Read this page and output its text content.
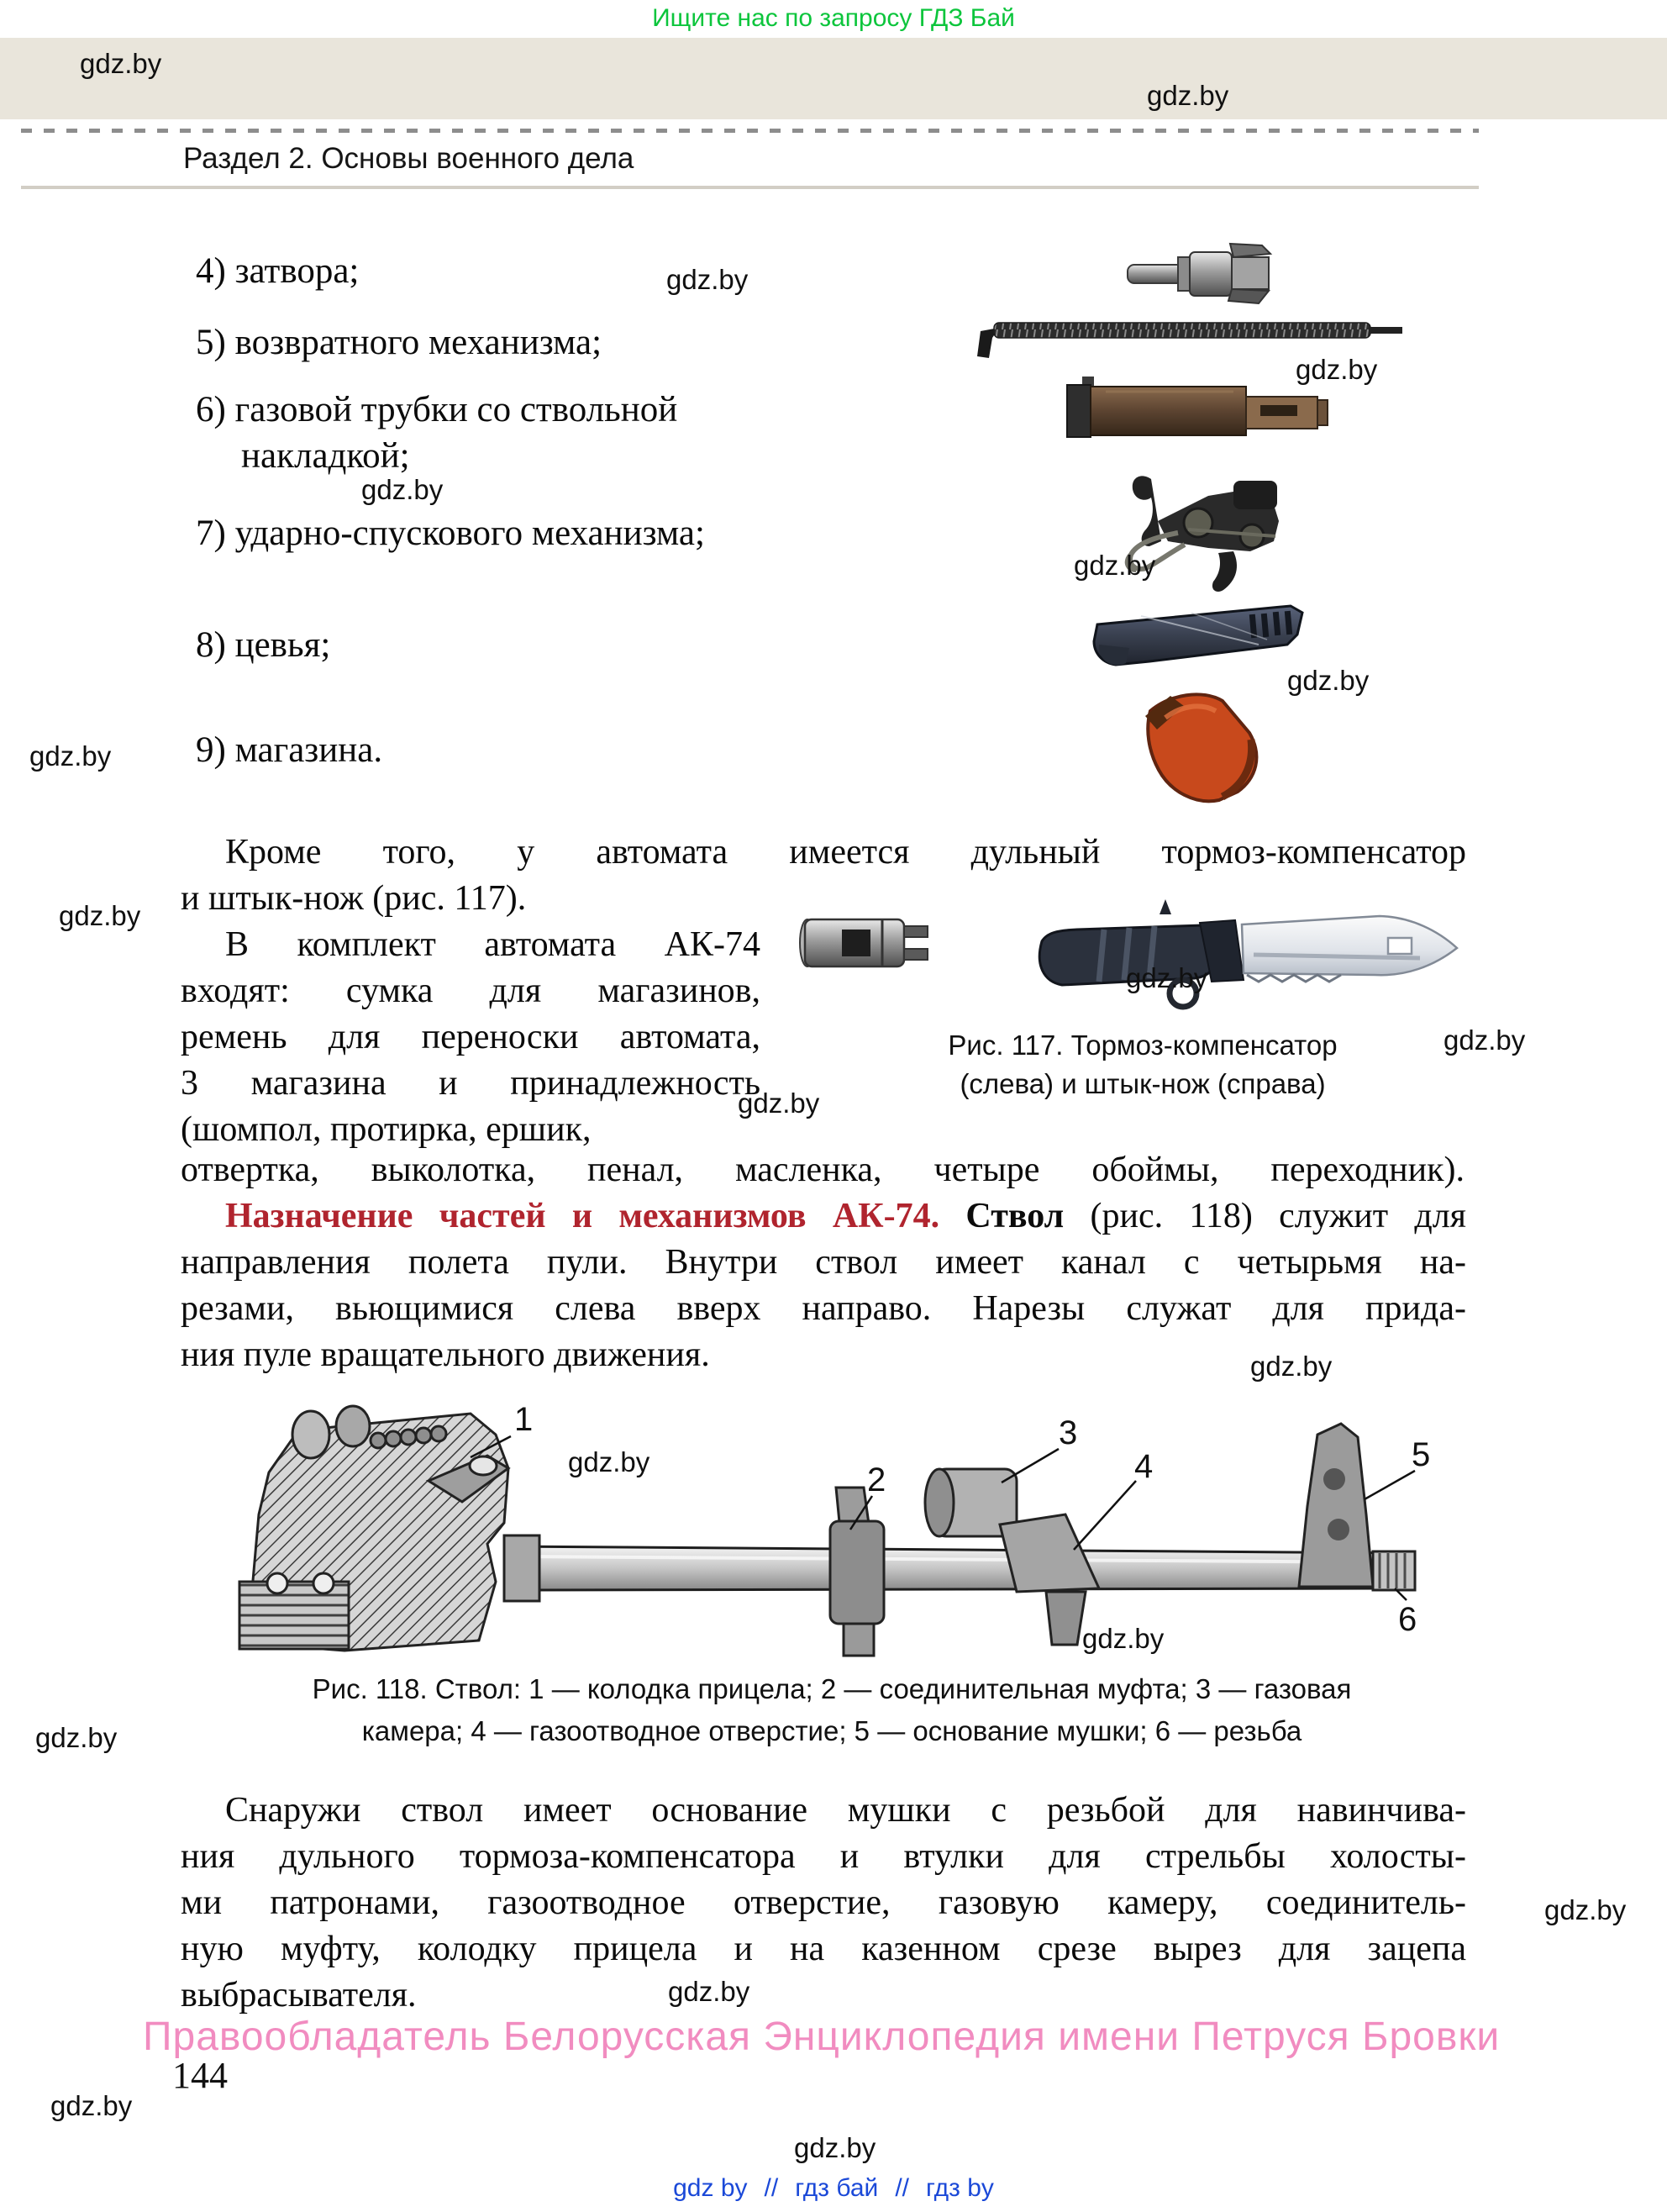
Ищите нас по запросу ГДЗ Бай
gdz.by
gdz.by
Раздел 2. Основы военного дела
4) затвора;
5) возвратного механизма;
6) газовой трубки со ствольной
накладкой;
7) ударно-спускового механизма;
8) цевья;
9) магазина.
Рис. 117. Тормоз-компенсатор
(слева) и штык-нож (справа)
Кроме того, у автомата имеется дульный тормоз-компенсатор
и штык-нож (рис. 117).
В комплект автомата АК-74
входят: сумка для магазинов,
ремень для переноски автомата,
3 магазина и принадлежность
(шомпол, протирка, ершик,
отвертка, выколотка, пенал, масленка, четыре обоймы, переходник).
Назначение частей и механизмов АК-74. Ствол (рис. 118) служит для
направления полета пули. Внутри ствол имеет канал с четырьмя на-
резами, вьющимися слева вверх направо. Нарезы служат для прида-
ния пуле вращательного движения.
1
2
3
4	5
6
Рис. 118. Ствол: 1 — колодка прицела; 2 — соединительная муфта; 3 — газовая
камера; 4 — газоотводное отверстие; 5 — основание мушки; 6 — резьба
Снаружи ствол имеет основание мушки с резьбой для навинчива-
ния дульного тормоза-компенсатора и втулки для стрельбы холосты-
ми патронами, газоотводное отверстие, газовую камеру, соединитель-
ную муфту, колодку прицела и на казенном срезе вырез для зацепа
выбрасывателя.
Правообладатель Белорусская Энциклопедия имени Петруся Бровки
144
gdz by // гдз бай // гдз by
gdz.by
gdz.by
gdz.by
gdz.by
gdz.by
gdz.by
gdz.by
gdz.by
gdz.by
gdz.by
gdz.by
gdz.by
gdz.by
gdz.by
gdz.by
gdz.by
gdz.by
gdz.by
